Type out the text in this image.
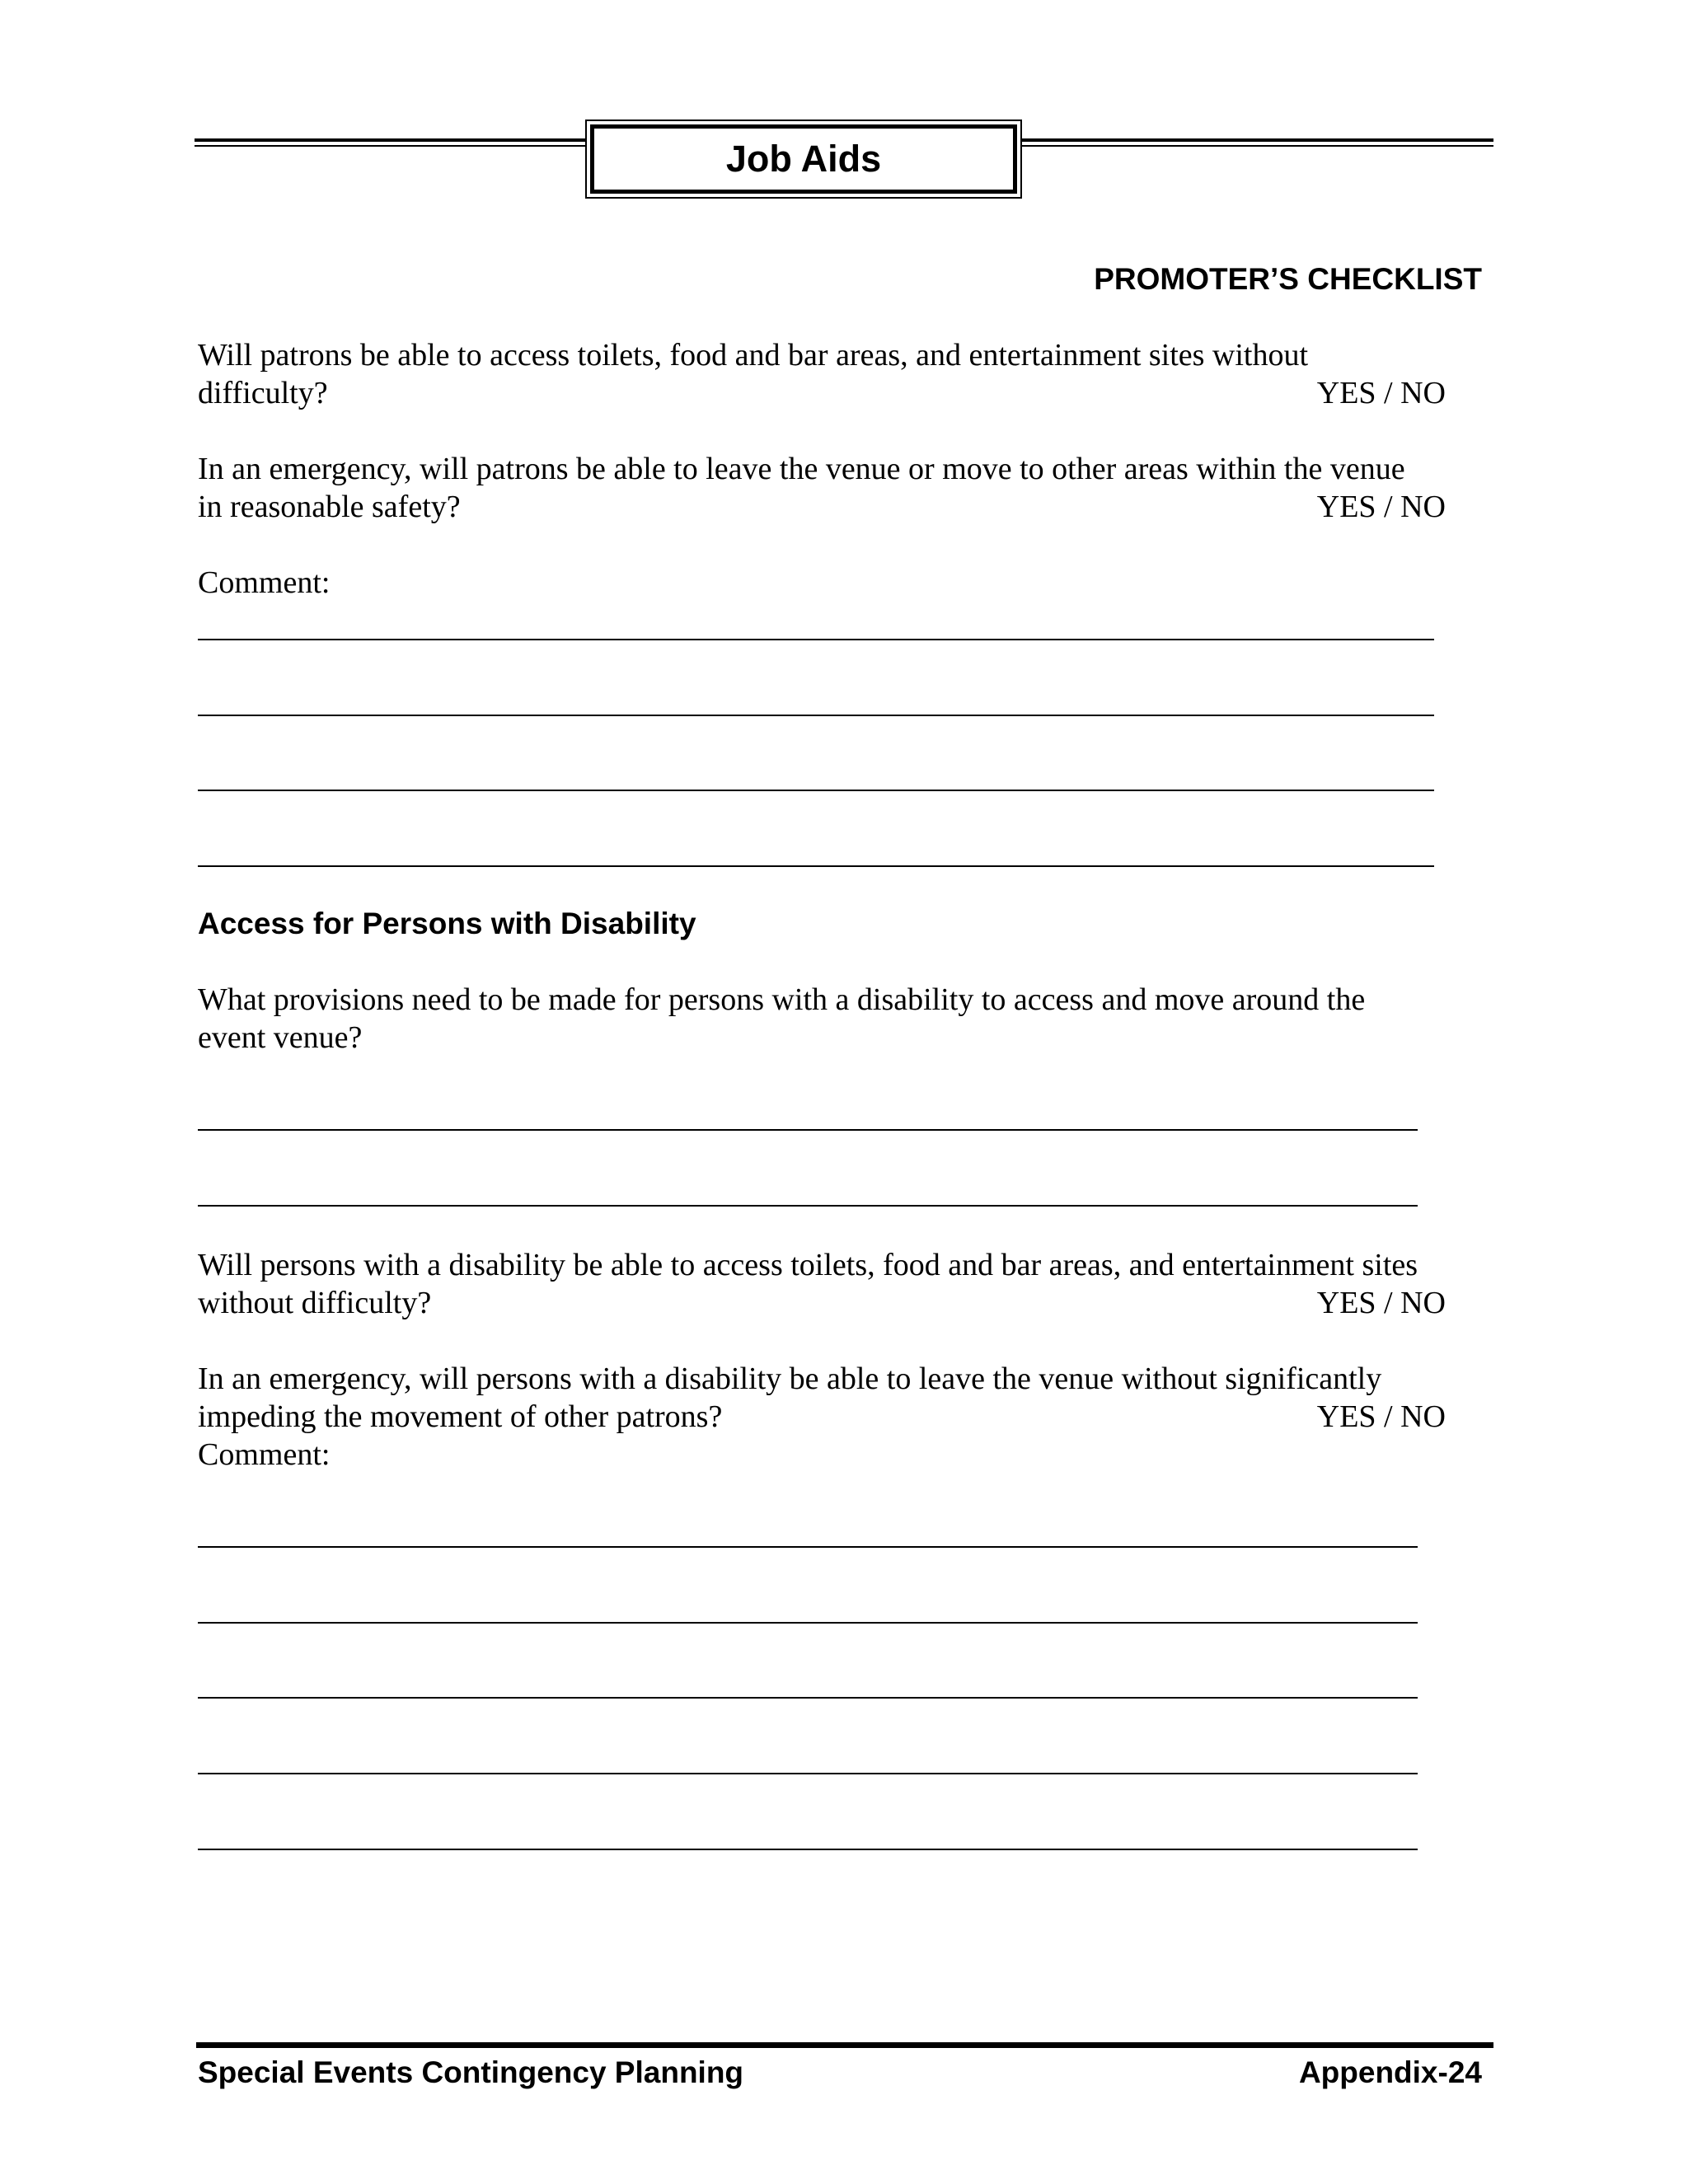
Job Aids
PROMOTER’S CHECKLIST
Will patrons be able to access toilets, food and bar areas, and entertainment sites without
difficulty?	YES / NO
In an emergency, will patrons be able to leave the venue or move to other areas within the venue
in reasonable safety?	YES / NO
Comment:
Access for Persons with Disability
What provisions need to be made for persons with a disability to access and move around the
event venue?
Will persons with a disability be able to access toilets, food and bar areas, and entertainment sites
without difficulty?	YES / NO
In an emergency, will persons with a disability be able to leave the venue without significantly
impeding the movement of other patrons?	YES / NO
Comment:
Special Events Contingency Planning	Appendix-24
